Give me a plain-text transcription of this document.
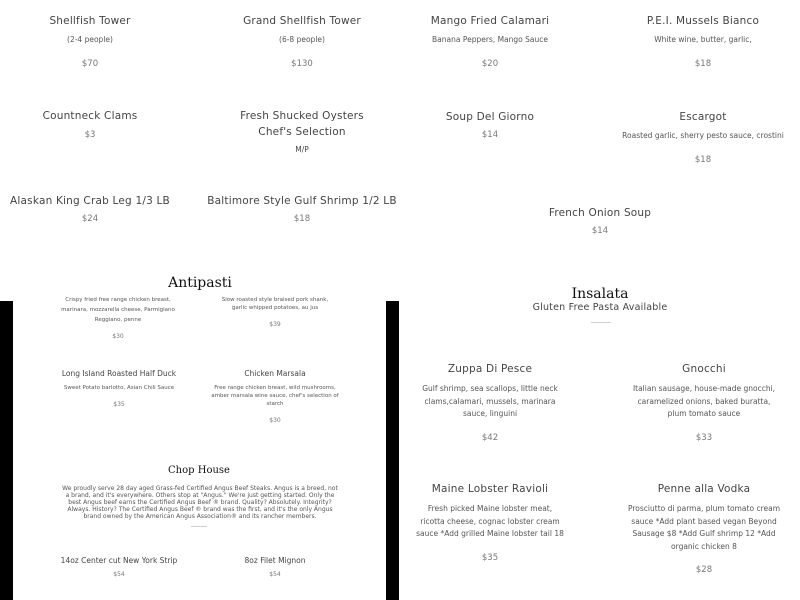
Shellfish Tower
(2-4 people)
$70
Grand Shellfish Tower
(6-8 people)
$130
Countneck Clams
$3
Fresh Shucked Oysters Chef's Selection
M/P
Alaskan King Crab Leg 1/3 LB
$24
Baltimore Style Gulf Shrimp 1/2 LB
$18
Mango Fried Calamari
Banana Peppers, Mango Sauce
$20
P.E.I. Mussels Bianco
White wine, butter, garlic,
$18
Soup Del Giorno
$14
Escargot
Roasted garlic, sherry pesto sauce, crostini
$18
French Onion Soup
$14
Antipasti
Insalata
Gluten Free Pasta Available
Crispy fried free range chicken breast,
marinara, mozzarella cheese, Parmigiano
Reggiano, penne
$30
Slow roasted style braised pork shank, garlic whipped potatoes, au jus
$39
Long Island Roasted Half Duck
Sweet Potato barlotto, Asian Chili Sauce
$35
Chicken Marsala
Free range chicken breast, wild mushrooms, amber marsala wine sauce, chef's selection of starch
$30
Chop House
We proudly serve 28 day aged Grass-fed Certified Angus Beef Steaks. Angus is a breed, not a brand, and it's everywhere. Others stop at "Angus." We're just getting started. Only the best Angus beef earns the Certified Angus Beef ® brand. Quality? Absolutely. Integrity? Always. History? The Certified Angus Beef ® brand was the first, and it's the only Angus brand owned by the American Angus Association® and its rancher members.
14oz Center cut New York Strip
$54
8oz Filet Mignon
$54
Zuppa Di Pesce
Gulf shrimp, sea scallops, little neck clams,calamari, mussels, marinara sauce, linguini
$42
Gnocchi
Italian sausage, house-made gnocchi, caramelized onions, baked buratta, plum tomato sauce
$33
Maine Lobster Ravioli
Fresh picked Maine lobster meat, ricotta cheese, cognac lobster cream sauce *Add grilled Maine lobster tail 18
$35
Penne alla Vodka
Prosciutto di parma, plum tomato cream sauce *Add plant based vegan Beyond Sausage $8 *Add Gulf shrimp 12 *Add organic chicken 8
$28
